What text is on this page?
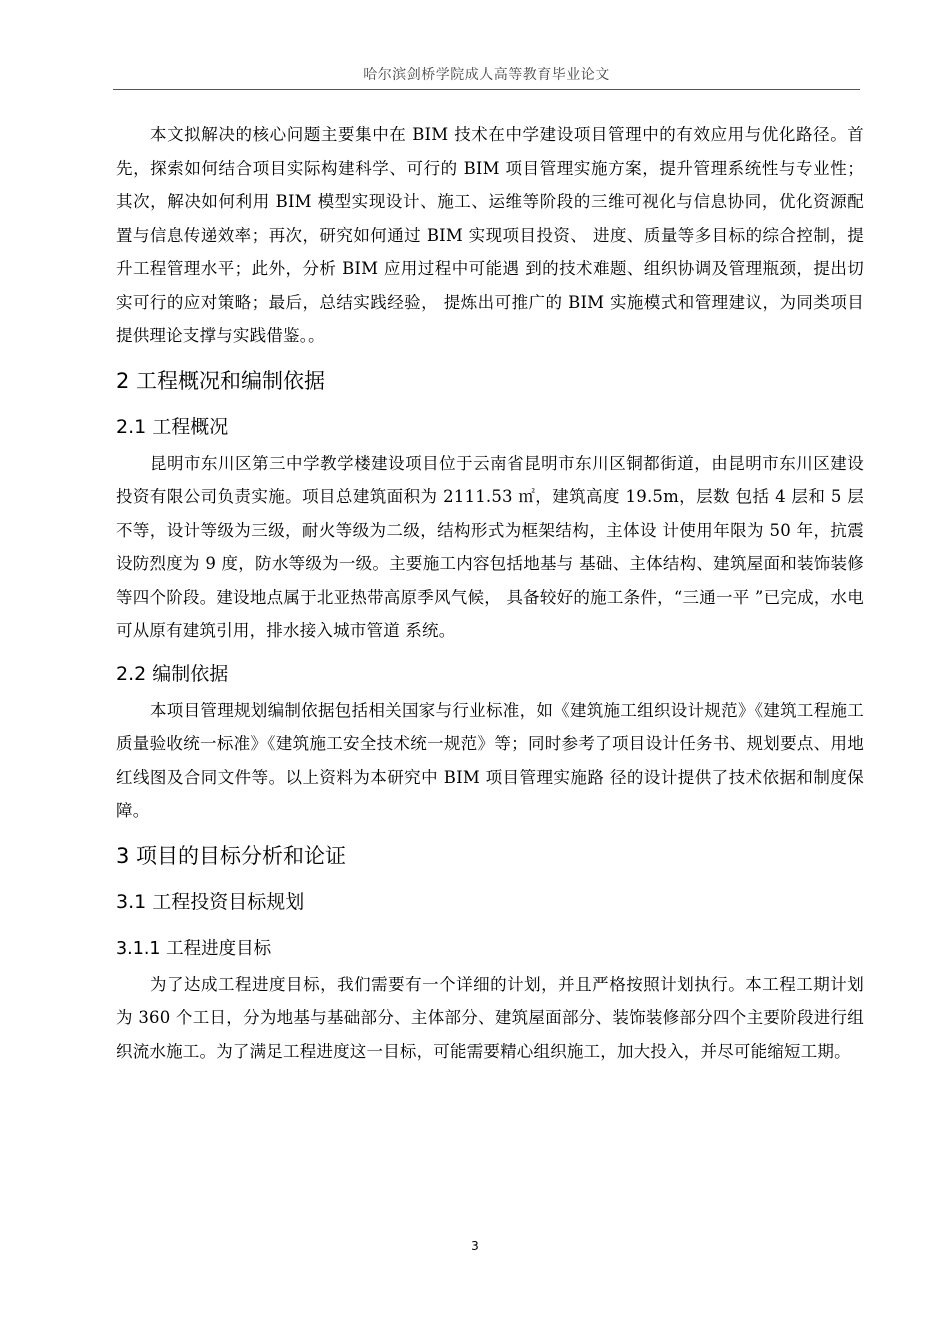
哈尔滨剑桥学院成人高等教育毕业论文

本文拟解决的核心问题主要集中在 BIM 技术在中学建设项目管理中的有效应用与优化路径。首先，探索如何结合项目实际构建科学、可行的 BIM 项目管理实施方案，提升管理系统性与专业性；其次，解决如何利用 BIM 模型实现设计、施工、运维等阶段的三维可视化与信息协同，优化资源配置与信息传递效率；再次，研究如何通过 BIM 实现项目投资、 进度、质量等多目标的综合控制，提升工程管理水平；此外，分析 BIM 应用过程中可能遇 到的技术难题、组织协调及管理瓶颈，提出切实可行的应对策略；最后，总结实践经验， 提炼出可推广的 BIM 实施模式和管理建议，为同类项目提供理论支撑与实践借鉴。。

2 工程概况和编制依据
2.1 工程概况

昆明市东川区第三中学教学楼建设项目位于云南省昆明市东川区铜都街道，由昆明市东川区建设投资有限公司负责实施。项目总建筑面积为 2111.53 ㎡，建筑高度 19.5m，层数 包括 4 层和 5 层不等，设计等级为三级，耐火等级为二级，结构形式为框架结构，主体设 计使用年限为 50 年，抗震设防烈度为 9 度，防水等级为一级。主要施工内容包括地基与 基础、主体结构、建筑屋面和装饰装修等四个阶段。建设地点属于北亚热带高原季风气候， 具备较好的施工条件，“三通一平 ”已完成，水电可从原有建筑引用，排水接入城市管道 系统。

2.2 编制依据

本项目管理规划编制依据包括相关国家与行业标准，如《建筑施工组织设计规范》《建筑工程施工质量验收统一标准》《建筑施工安全技术统一规范》等；同时参考了项目设计任务书、规划要点、用地红线图及合同文件等。以上资料为本研究中 BIM 项目管理实施路 径的设计提供了技术依据和制度保障。

3 项目的目标分析和论证
3.1 工程投资目标规划
3.1.1 工程进度目标

为了达成工程进度目标，我们需要有一个详细的计划，并且严格按照计划执行。本工程工期计划为 360 个工日，分为地基与基础部分、主体部分、建筑屋面部分、装饰装修部分四个主要阶段进行组织流水施工。为了满足工程进度这一目标，可能需要精心组织施工，加大投入，并尽可能缩短工期。

3
